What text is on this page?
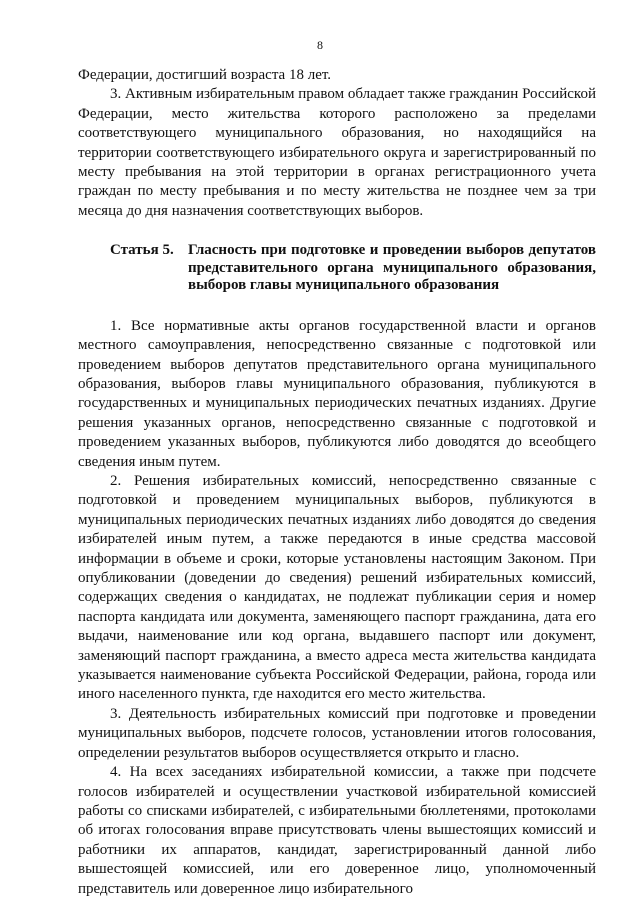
8

Федерации, достигший возраста 18 лет.

3. Активным избирательным правом обладает также гражданин Российской Федерации, место жительства которого расположено за пределами соответствующего муниципального образования, но находящийся на территории соответствующего избирательного округа и зарегистрированный по месту пребывания на этой территории в органах регистрационного учета граждан по месту пребывания и по месту жительства не позднее чем за три месяца до дня назначения соответствующих выборов.

Статья 5. Гласность при подготовке и проведении выборов депутатов представительного органа муниципального образования, выборов главы муниципального образования

1. Все нормативные акты органов государственной власти и органов местного самоуправления, непосредственно связанные с подготовкой или проведением выборов депутатов представительного органа муниципального образования, выборов главы муниципального образования, публикуются в государственных и муниципальных периодических печатных изданиях. Другие решения указанных органов, непосредственно связанные с подготовкой и проведением указанных выборов, публикуются либо доводятся до всеобщего сведения иным путем.

2. Решения избирательных комиссий, непосредственно связанные с подготовкой и проведением муниципальных выборов, публикуются в муниципальных периодических печатных изданиях либо доводятся до сведения избирателей иным путем, а также передаются в иные средства массовой информации в объеме и сроки, которые установлены настоящим Законом. При опубликовании (доведении до сведения) решений избирательных комиссий, содержащих сведения о кандидатах, не подлежат публикации серия и номер паспорта кандидата или документа, заменяющего паспорт гражданина, дата его выдачи, наименование или код органа, выдавшего паспорт или документ, заменяющий паспорт гражданина, а вместо адреса места жительства кандидата указывается наименование субъекта Российской Федерации, района, города или иного населенного пункта, где находится его место жительства.

3. Деятельность избирательных комиссий при подготовке и проведении муниципальных выборов, подсчете голосов, установлении итогов голосования, определении результатов выборов осуществляется открыто и гласно.

4. На всех заседаниях избирательной комиссии, а также при подсчете голосов избирателей и осуществлении участковой избирательной комиссией работы со списками избирателей, с избирательными бюллетенями, протоколами об итогах голосования вправе присутствовать члены вышестоящих комиссий и работники их аппаратов, кандидат, зарегистрированный данной либо вышестоящей комиссией, или его доверенное лицо, уполномоченный представитель или доверенное лицо избирательного
